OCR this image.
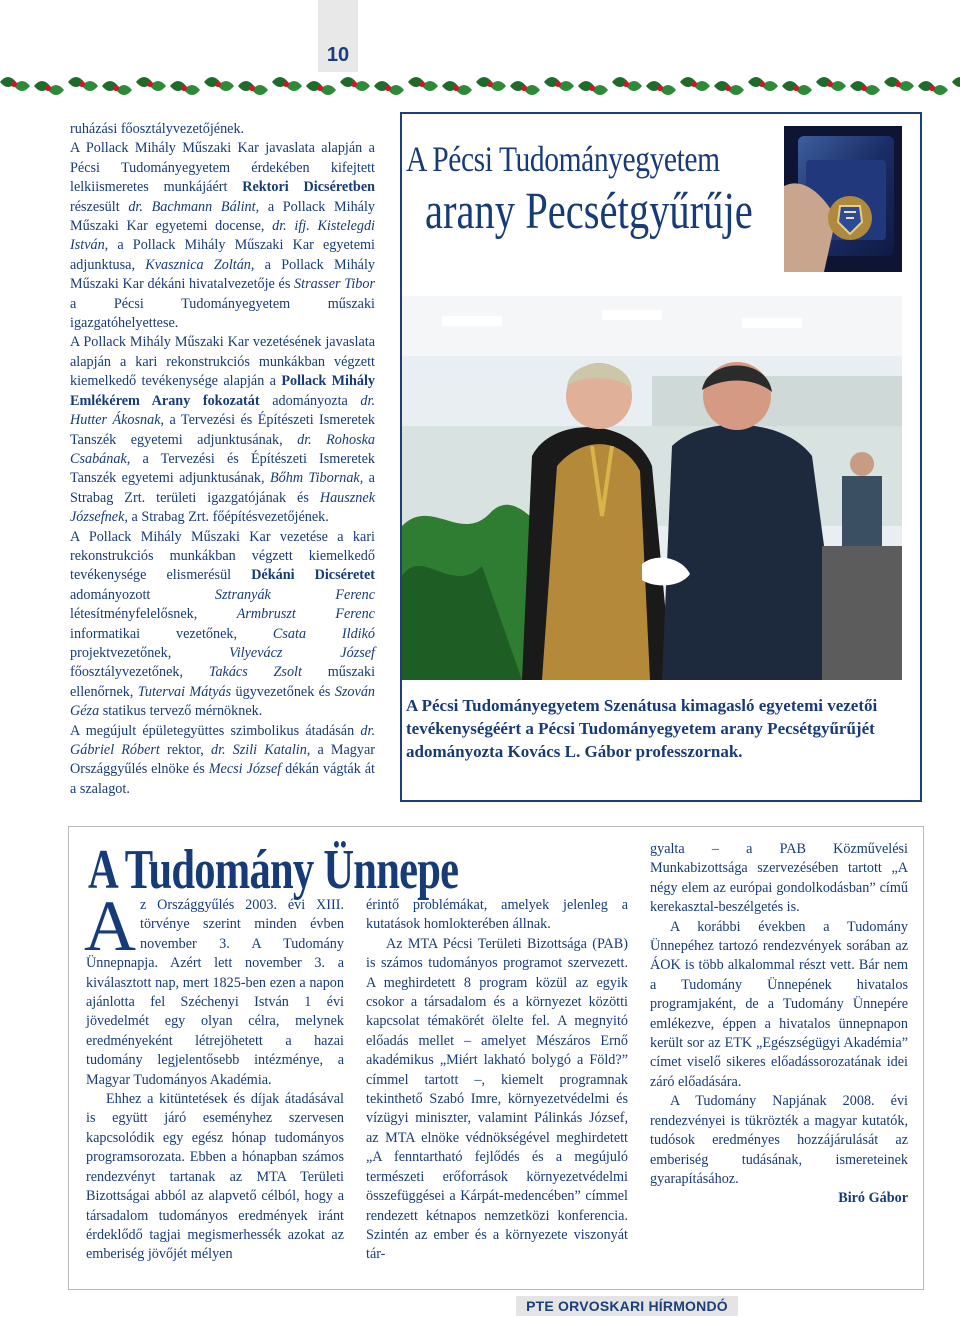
10

ruházási főosztályvezetőjének.

A Pollack Mihály Műszaki Kar javaslata alapján a Pécsi Tudományegyetem érdekében kifejtett lelkiismeretes munkájáért Rektori Dicséretben részesült dr. Bachmann Bálint, a Pollack Mihály Műszaki Kar egyetemi docense, dr. ifj. Kistelegdi István, a Pollack Mihály Műszaki Kar egyetemi adjunktusa, Kvasznica Zoltán, a Pollack Mihály Műszaki Kar dékáni hivatalvezetője és Strasser Tibor a Pécsi Tudományegyetem műszaki igazgatóhelyettese.

A Pollack Mihály Műszaki Kar vezetésének javaslata alapján a kari rekonstrukciós munkákban végzett kiemelkedő tevékenysége alapján a Pollack Mihály Emlékérem Arany fokozatát adományozta dr. Hutter Ákosnak, a Tervezési és Építészeti Ismeretek Tanszék egyetemi adjunktusának, dr. Rohoska Csabának, a Tervezési és Építészeti Ismeretek Tanszék egyetemi adjunktusának, Bőhm Tibornak, a Strabag Zrt. területi igazgatójának és Hausznek Józsefnek, a Strabag Zrt. főépítésvezetőjének.

A Pollack Mihály Műszaki Kar vezetése a kari rekonstrukciós munkákban végzett kiemelkedő tevékenysége elismerésül Dékáni Dicséretet adományozott Sztranyák Ferenc létesítményfelelősnek, Armbruszt Ferenc informatikai vezetőnek, Csata Ildikó projektvezetőnek, Vilyevácz József főosztályvezetőnek, Takács Zsolt műszaki ellenőrnek, Tutervai Mátyás ügyvezetőnek és Szován Géza statikus tervező mérnöknek.

A megújult épületegyüttes szimbolikus átadásán dr. Gábriel Róbert rektor, dr. Szili Katalin, a Magyar Országgyűlés elnöke és Mecsi József dékán vágták át a szalagot.

A Pécsi Tudományegyetem
arany Pecsétgyűrűje
A Pécsi Tudományegyetem Szenátusa kimagasló egyetemi vezetői tevékenységéért a Pécsi Tudományegyetem arany Pecsétgyűrűjét adományozta Kovács L. Gábor professzornak.
A Tudomány Ünnepe

Az Országgyűlés 2003. évi XIII. törvénye szerint minden évben november 3. A Tudomány Ünnepnapja. Azért lett november 3. a kiválasztott nap, mert 1825-ben ezen a napon ajánlotta fel Széchenyi István 1 évi jövedelmét egy olyan célra, melynek eredményeként létrejöhetett a hazai tudomány legjelentősebb intézménye, a Magyar Tudományos Akadémia.

Ehhez a kitüntetések és díjak átadásával is együtt járó eseményhez szervesen kapcsolódik egy egész hónap tudományos programsorozata. Ebben a hónapban számos rendezvényt tartanak az MTA Területi Bizottságai abból az alapvető célból, hogy a társadalom tudományos eredmények iránt érdeklődő tagjai megismerhessék azokat az emberiség jövőjét mélyen

érintő problémákat, amelyek jelenleg a kutatások homlokterében állnak.

Az MTA Pécsi Területi Bizottsága (PAB) is számos tudományos programot szervezett. A meghirdetett 8 program közül az egyik csokor a társadalom és a környezet közötti kapcsolat témakörét ölelte fel. A megnyitó előadás mellet – amelyet Mészáros Ernő akadémikus „Miért lakható bolygó a Föld?” címmel tartott –, kiemelt programnak tekinthető Szabó Imre, környezetvédelmi és vízügyi miniszter, valamint Pálinkás József, az MTA elnöke védnökségével meghirdetett „A fenntartható fejlődés és a megújuló természeti erőforrások környezetvédelmi összefüggései a Kárpát-medencében” címmel rendezett kétnapos nemzetközi konferencia. Szintén az ember és a környezete viszonyát tár-

gyalta – a PAB Közművelési Munkabizottsága szervezésében tartott „A négy elem az európai gondolkodásban” című kerekasztal-beszélgetés is.

A korábbi években a Tudomány Ünnepéhez tartozó rendezvények sorában az ÁOK is több alkalommal részt vett. Bár nem a Tudomány Ünnepének hivatalos programjaként, de a Tudomány Ünnepére emlékezve, éppen a hivatalos ünnepnapon került sor az ETK „Egészségügyi Akadémia” címet viselő sikeres előadássorozatának idei záró előadására.

A Tudomány Napjának 2008. évi rendezvényei is tükrözték a magyar kutatók, tudósok eredményes hozzájárulását az emberiség tudásának, ismereteinek gyarapításához.

Biró Gábor

PTE ORVOSKARI HÍRMONDÓ
